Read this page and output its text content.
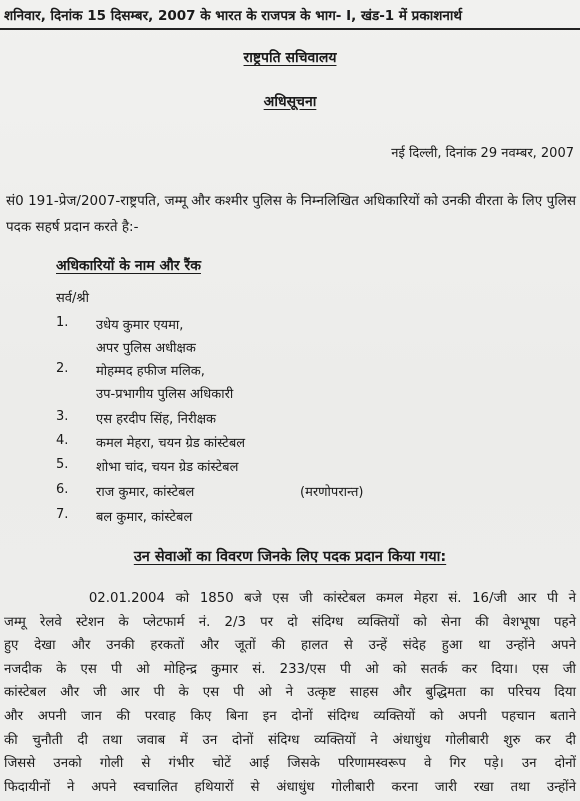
शनिवार, दिनांक 15 दिसम्बर, 2007 के भारत के राजपत्र के भाग- I, खंड-1 में प्रकाशनार्थ
राष्ट्रपति सचिवालय
अधिसूचना
नई दिल्ली, दिनांक 29 नवम्बर, 2007
सं0 191-प्रेज/2007-राष्ट्रपति, जम्मू और कश्मीर पुलिस के निम्नलिखित अधिकारियों को उनकी वीरता के लिए पुलिस पदक सहर्ष प्रदान करते है:-
अधिकारियों के नाम और रैंक
सर्व/श्री
1. उधेय कुमार एयमा,
अपर पुलिस अधीक्षक
2. मोहम्मद हफीज मलिक,
उप-प्रभागीय पुलिस अधिकारी
3. एस हरदीप सिंह, निरीक्षक
4. कमल मेहरा, चयन ग्रेड कांस्टेबल
5. शोभा चांद, चयन ग्रेड कांस्टेबल
6. राज कुमार, कांस्टेबल	(मरणोपरान्त)
7. बल कुमार, कांस्टेबल
उन सेवाओं का विवरण जिनके लिए पदक प्रदान किया गया:
02.01.2004 को 1850 बजे एस जी कांस्टेबल कमल मेहरा सं. 16/जी आर पी ने
जम्मू रेलवे स्टेशन के प्लेटफार्म नं. 2/3 पर दो संदिग्ध व्यक्तियों को सेना की वेशभूषा पहने
हुए देखा और उनकी हरकतों और जूतों की हालत से उन्हें संदेह हुआ था उन्होंने अपने
नजदीक के एस पी ओ मोहिन्द्र कुमार सं. 233/एस पी ओ को सतर्क कर दिया। एस जी
कांस्टेबल और जी आर पी के एस पी ओ ने उत्कृष्ट साहस और बुद्धिमता का परिचय दिया
और अपनी जान की परवाह किए बिना इन दोनों संदिग्ध व्यक्तियों को अपनी पहचान बताने
की चुनौती दी तथा जवाब में उन दोनों संदिग्ध व्यक्तियों ने अंधाधुंध गोलीबारी शुरु कर दी
जिससे उनको गोली से गंभीर चोटें आई जिसके परिणामस्वरूप वे गिर पड़े। उन दोनों
फिदायीनों ने अपने स्वचालित हथियारों से अंधाधुंध गोलीबारी करना जारी रखा तथा उन्होंने
